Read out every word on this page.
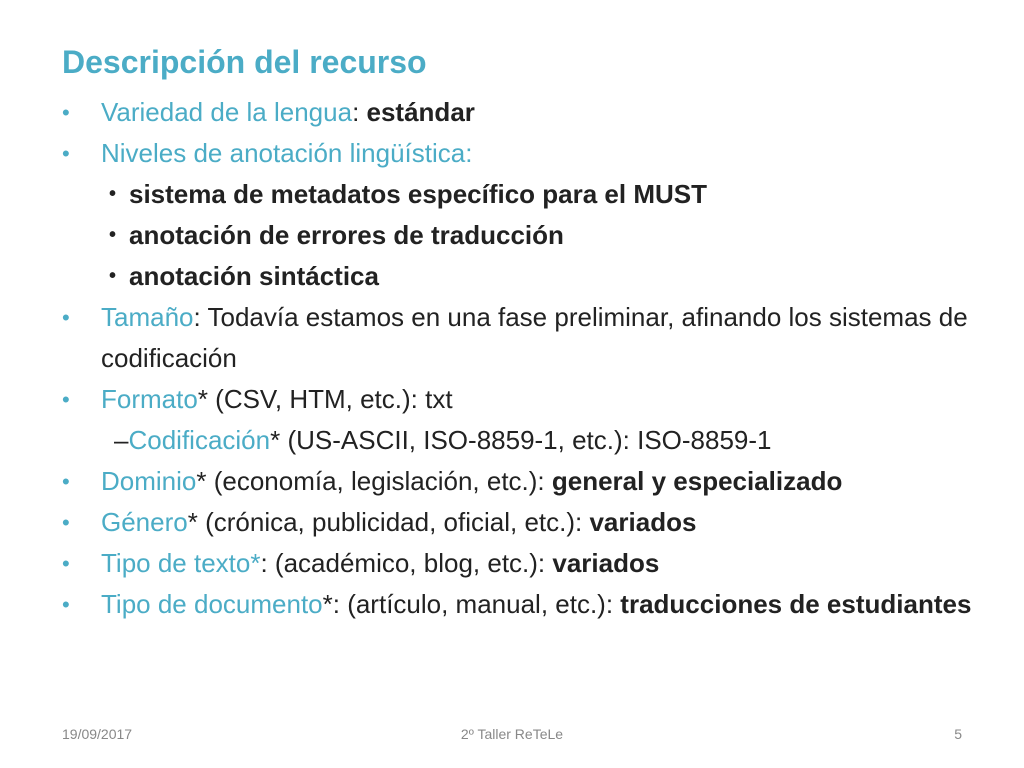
Descripción del recurso
•	Variedad de la lengua: estándar
•	Niveles de anotación lingüística:
• sistema de metadatos específico para el MUST
• anotación de errores de traducción
• anotación sintáctica
•	Tamaño: Todavía estamos en una fase preliminar, afinando los sistemas de codificación
•	Formato* (CSV, HTM, etc.): txt
–Codificación* (US-ASCII, ISO-8859-1, etc.): ISO-8859-1
•	Dominio* (economía, legislación, etc.): general y especializado
•	Género* (crónica, publicidad, oficial, etc.): variados
•	Tipo de texto*: (académico, blog, etc.): variados
•	Tipo de documento*: (artículo, manual, etc.): traducciones de estudiantes
19/09/2017	2º Taller ReTeLe	5
